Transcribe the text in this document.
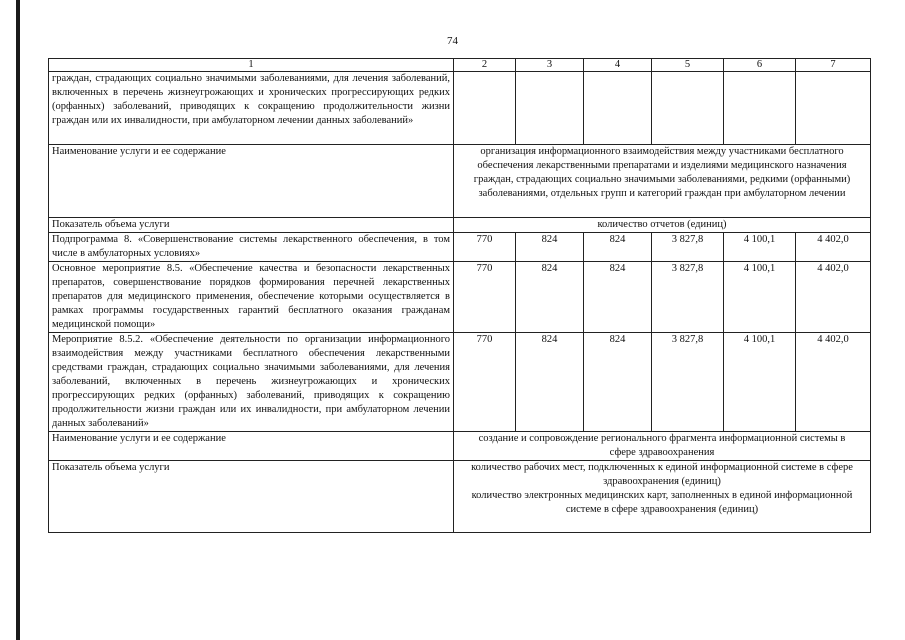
74
1	2	3	4	5	6	7
граждан, страдающих социально значимыми заболеваниями, для лечения заболеваний, включенных в перечень жизнеугрожающих и хронических прогрессирующих редких (орфанных) заболеваний, приводящих к сокращению продолжительности жизни граждан или их инвалидности, при амбулаторном лечении данных заболеваний»						
Наименование услуги и ее содержание	организация информационного взаимодействия между участниками бесплатного обеспечения лекарственными препаратами и изделиями медицинского назначения граждан, страдающих социально значимыми заболеваниями, редкими (орфанными) заболеваниями, отдельных групп и категорий граждан при амбулаторном лечении					
Показатель объема услуги	количество отчетов (единиц)					
Подпрограмма 8. «Совершенствование системы лекарственного обеспечения, в том числе в амбулаторных условиях»	770	824	824	3 827,8	4 100,1	4 402,0
Основное мероприятие 8.5. «Обеспечение качества и безопасности лекарственных препаратов, совершенствование порядков формирования перечней лекарственных препаратов для медицинского применения, обеспечение которыми осуществляется в рамках программы государственных гарантий бесплатного оказания гражданам медицинской помощи»	770	824	824	3 827,8	4 100,1	4 402,0
Мероприятие 8.5.2. «Обеспечение деятельности по организации информационного взаимодействия между участниками бесплатного обеспечения лекарственными средствами граждан, страдающих социально значимыми заболеваниями, для лечения заболеваний, включенных в перечень жизнеугрожающих и хронических прогрессирующих редких (орфанных) заболеваний, приводящих к сокращению продолжительности жизни граждан или их инвалидности, при амбулаторном лечении данных заболеваний»	770	824	824	3 827,8	4 100,1	4 402,0
Наименование услуги и ее содержание	создание и сопровождение регионального фрагмента информационной системы в сфере здравоохранения					
Показатель объема услуги	количество рабочих мест, подключенных к единой информационной системе в сфере здравоохранения (единиц)
количество электронных медицинских карт, заполненных в единой информационной системе в сфере здравоохранения (единиц)					
